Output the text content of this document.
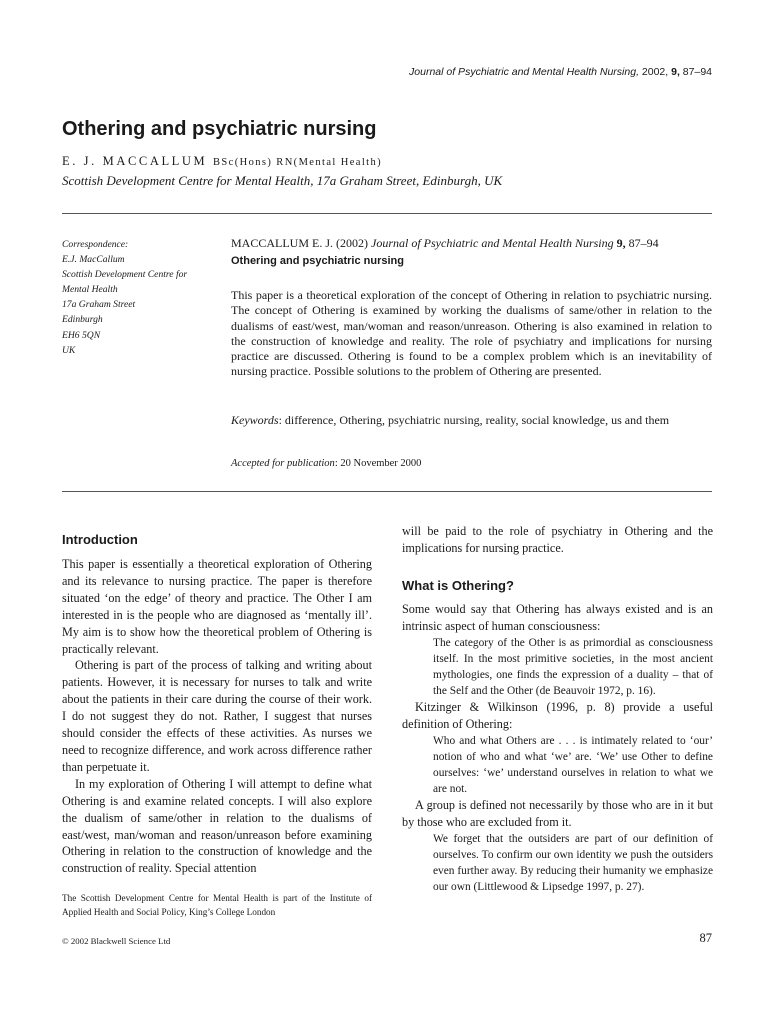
Journal of Psychiatric and Mental Health Nursing, 2002, 9, 87–94
Othering and psychiatric nursing
E. J. MACCALLUM BSc(Hons) RN(Mental Health)
Scottish Development Centre for Mental Health, 17a Graham Street, Edinburgh, UK
Correspondence:
E.J. MacCallum
Scottish Development Centre for
Mental Health
17a Graham Street
Edinburgh
EH6 5QN
UK
MACCALLUM E. J. (2002) Journal of Psychiatric and Mental Health Nursing 9, 87–94
Othering and psychiatric nursing
This paper is a theoretical exploration of the concept of Othering in relation to psychiatric nursing. The concept of Othering is examined by working the dualisms of same/other in relation to the dualisms of east/west, man/woman and reason/unreason. Othering is also examined in relation to the construction of knowledge and reality. The role of psychiatry and implications for nursing practice are discussed. Othering is found to be a complex problem which is an inevitability of nursing practice. Possible solutions to the problem of Othering are presented.
Keywords: difference, Othering, psychiatric nursing, reality, social knowledge, us and them
Accepted for publication: 20 November 2000
Introduction

This paper is essentially a theoretical exploration of Othering and its relevance to nursing practice. The paper is therefore situated ‘on the edge’ of theory and practice. The Other I am interested in is the people who are diagnosed as ‘mentally ill’. My aim is to show how the theoretical problem of Othering is practically relevant.

Othering is part of the process of talking and writing about patients. However, it is necessary for nurses to talk and write about the patients in their care during the course of their work. I do not suggest they do not. Rather, I suggest that nurses should consider the effects of these activities. As nurses we need to recognize difference, and work across difference rather than perpetuate it.

In my exploration of Othering I will attempt to define what Othering is and examine related concepts. I will also explore the dualism of same/other in relation to the dualisms of east/west, man/woman and reason/unreason before examining Othering in relation to the construction of knowledge and the construction of reality. Special attention

The Scottish Development Centre for Mental Health is part of the Institute of Applied Health and Social Policy, King’s College London
© 2002 Blackwell Science Ltd

will be paid to the role of psychiatry in Othering and the implications for nursing practice.

What is Othering?

Some would say that Othering has always existed and is an intrinsic aspect of human consciousness:

The category of the Other is as primordial as consciousness itself. In the most primitive societies, in the most ancient mythologies, one finds the expression of a duality – that of the Self and the Other (de Beauvoir 1972, p. 16).

Kitzinger & Wilkinson (1996, p. 8) provide a useful definition of Othering:

Who and what Others are . . . is intimately related to ‘our’ notion of who and what ‘we’ are. ‘We’ use Other to define ourselves: ‘we’ understand ourselves in relation to what we are not.

A group is defined not necessarily by those who are in it but by those who are excluded from it.

We forget that the outsiders are part of our definition of ourselves. To confirm our own identity we push the outsiders even further away. By reducing their humanity we emphasize our own (Littlewood & Lipsedge 1997, p. 27).
87
